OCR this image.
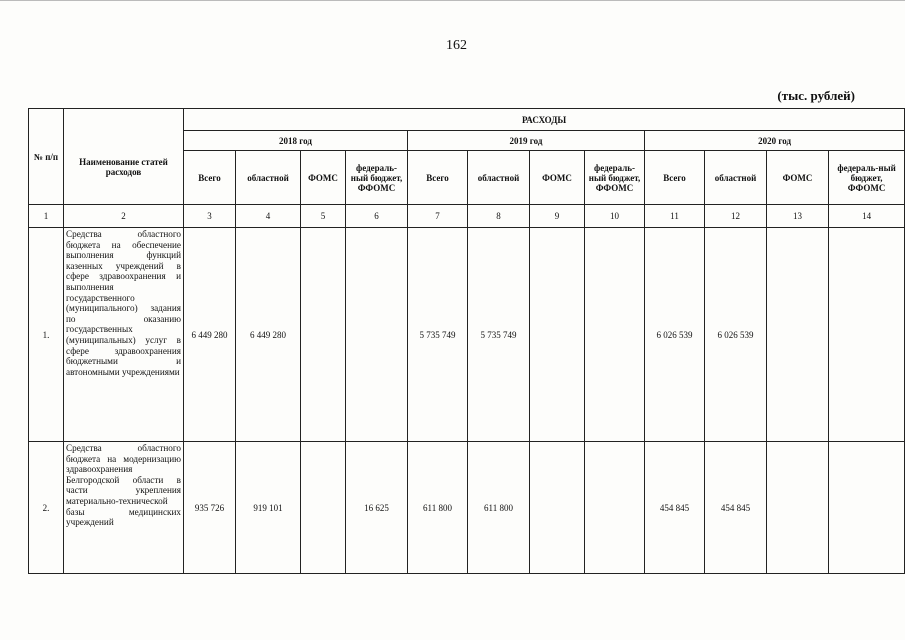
162
(тыс. рублей)
№ п/п		РАСХОДЫ											
	Наименование статей расходов	2018 год				2019 год				2020 год			
		Всего	областной	ФОМС	федераль-ный бюджет, ФФОМС	Всего	областной	ФОМС	федераль-ный бюджет, ФФОМС	Всего	областной	ФОМС	федераль-ный бюджет, ФФОМС
1	2	3	4	5	6	7	8	9	10	11	12	13	14
1.	Средства областного бюджета на обеспечение выполнения функций казенных учреждений в сфере здравоохранения и выполнения государственного (муниципального) задания по оказанию государственных (муниципальных) услуг в сфере здравоохранения бюджетными и автономными учреждениями	6 449 280	6 449 280			5 735 749	5 735 749			6 026 539	6 026 539		
2.	Средства областного бюджета на модернизацию здравоохранения Белгородской области в части укрепления материально-технической базы медицинских учреждений	935 726	919 101		16 625	611 800	611 800			454 845	454 845		
